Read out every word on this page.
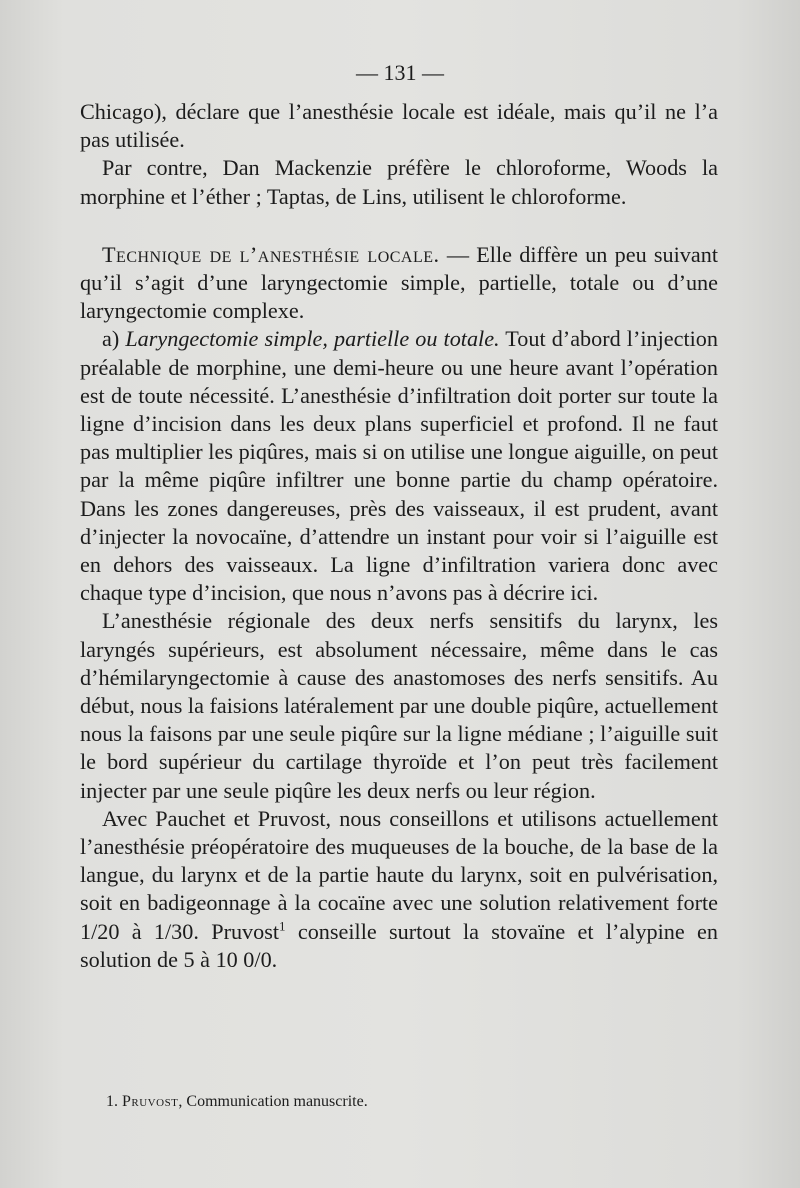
— 131 —

Chicago), déclare que l’anesthésie locale est idéale, mais qu’il ne l’a pas utilisée.

Par contre, Dan Mackenzie préfère le chloroforme, Woods la morphine et l’éther ; Taptas, de Lins, utilisent le chloroforme.

Technique de l’anesthésie locale. — Elle diffère un peu suivant qu’il s’agit d’une laryngectomie simple, partielle, totale ou d’une laryngectomie complexe.

a) Laryngectomie simple, partielle ou totale. Tout d’abord l’injection préalable de morphine, une demi-heure ou une heure avant l’opération est de toute nécessité. L’anesthésie d’infiltration doit porter sur toute la ligne d’incision dans les deux plans superficiel et profond. Il ne faut pas multiplier les piqûres, mais si on utilise une longue aiguille, on peut par la même piqûre infiltrer une bonne partie du champ opératoire. Dans les zones dangereuses, près des vaisseaux, il est prudent, avant d’injecter la novocaïne, d’attendre un instant pour voir si l’aiguille est en dehors des vaisseaux. La ligne d’infiltration variera donc avec chaque type d’incision, que nous n’avons pas à décrire ici.

L’anesthésie régionale des deux nerfs sensitifs du larynx, les laryngés supérieurs, est absolument nécessaire, même dans le cas d’hémilaryngectomie à cause des anastomoses des nerfs sensitifs. Au début, nous la faisions latéralement par une double piqûre, actuellement nous la faisons par une seule piqûre sur la ligne médiane ; l’aiguille suit le bord supérieur du cartilage thyroïde et l’on peut très facilement injecter par une seule piqûre les deux nerfs ou leur région.

Avec Pauchet et Pruvost, nous conseillons et utilisons actuellement l’anesthésie préopératoire des muqueuses de la bouche, de la base de la langue, du larynx et de la partie haute du larynx, soit en pulvérisation, soit en badigeonnage à la cocaïne avec une solution relativement forte 1/20 à 1/30. Pruvost$^1$ conseille surtout la stovaïne et l’alypine en solution de 5 à 10 0/0.

1. Pruvost, Communication manuscrite.
